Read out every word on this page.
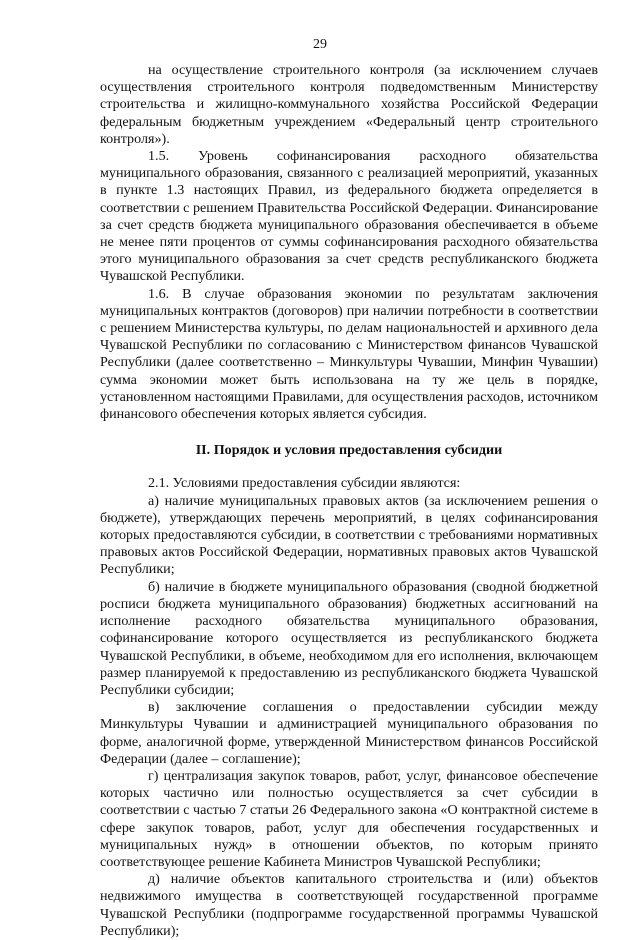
29

на осуществление строительного контроля (за исключением случаев осуществления строительного контроля подведомственным Министерству строительства и жилищно-коммунального хозяйства Российской Федерации федеральным бюджетным учреждением «Федеральный центр строительного контроля»).

1.5. Уровень софинансирования расходного обязательства муниципального образования, связанного с реализацией мероприятий, указанных в пункте 1.3 настоящих Правил, из федерального бюджета определяется в соответствии с решением Правительства Российской Федерации. Финансирование за счет средств бюджета муниципального образования обеспечивается в объеме не менее пяти процентов от суммы софинансирования расходного обязательства этого муниципального образования за счет средств республиканского бюджета Чувашской Республики.

1.6. В случае образования экономии по результатам заключения муниципальных контрактов (договоров) при наличии потребности в соответствии с решением Министерства культуры, по делам национальностей и архивного дела Чувашской Республики по согласованию с Министерством финансов Чувашской Республики (далее соответственно – Минкультуры Чувашии, Минфин Чувашии) сумма экономии может быть использована на ту же цель в порядке, установленном настоящими Правилами, для осуществления расходов, источником финансового обеспечения которых является субсидия.

II. Порядок и условия предоставления субсидии

2.1. Условиями предоставления субсидии являются:

а) наличие муниципальных правовых актов (за исключением решения о бюджете), утверждающих перечень мероприятий, в целях софинансирования которых предоставляются субсидии, в соответствии с требованиями нормативных правовых актов Российской Федерации, нормативных правовых актов Чувашской Республики;

б) наличие в бюджете муниципального образования (сводной бюджетной росписи бюджета муниципального образования) бюджетных ассигнований на исполнение расходного обязательства муниципального образования, софинансирование которого осуществляется из республиканского бюджета Чувашской Республики, в объеме, необходимом для его исполнения, включающем размер планируемой к предоставлению из республиканского бюджета Чувашской Республики субсидии;

в) заключение соглашения о предоставлении субсидии между Минкультуры Чувашии и администрацией муниципального образования по форме, аналогичной форме, утвержденной Министерством финансов Российской Федерации (далее – соглашение);

г) централизация закупок товаров, работ, услуг, финансовое обеспечение которых частично или полностью осуществляется за счет субсидии в соответствии с частью 7 статьи 26 Федерального закона «О контрактной системе в сфере закупок товаров, работ, услуг для обеспечения государственных и муниципальных нужд» в отношении объектов, по которым принято соответствующее решение Кабинета Министров Чувашской Республики;

д) наличие объектов капитального строительства и (или) объектов недвижимого имущества в соответствующей государственной программе Чувашской Республики (подпрограмме государственной программы Чувашской Республики);
